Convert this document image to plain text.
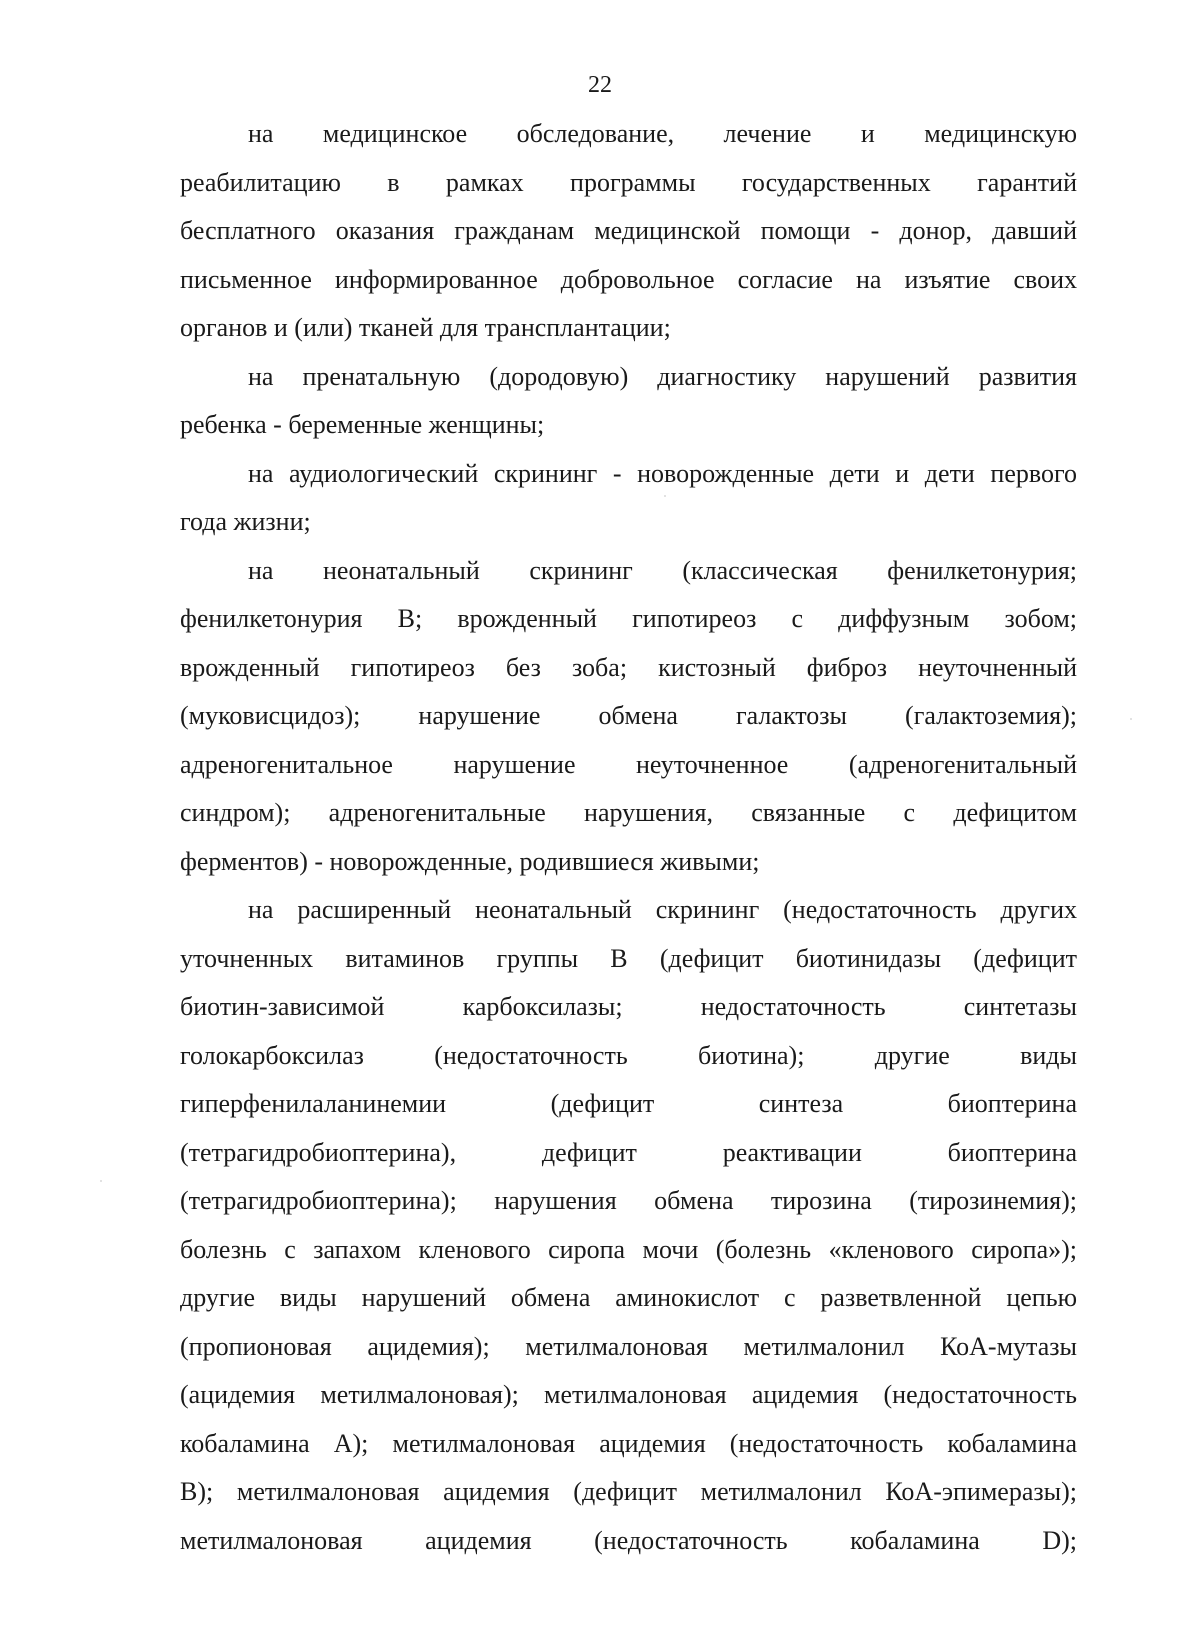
22

на медицинское обследование, лечение и медицинскую
реабилитацию в рамках программы государственных гарантий
бесплатного оказания гражданам медицинской помощи - донор, давший
письменное информированное добровольное согласие на изъятие своих
органов и (или) тканей для трансплантации;

на пренатальную (дородовую) диагностику нарушений развития
ребенка - беременные женщины;

на аудиологический скрининг - новорожденные дети и дети первого
года жизни;

на неонатальный скрининг (классическая фенилкетонурия;
фенилкетонурия В; врожденный гипотиреоз с диффузным зобом;
врожденный гипотиреоз без зоба; кистозный фиброз неуточненный
(муковисцидоз); нарушение обмена галактозы (галактоземия);
адреногенитальное нарушение неуточненное (адреногенитальный
синдром); адреногенитальные нарушения, связанные с дефицитом
ферментов) - новорожденные, родившиеся живыми;

на расширенный неонатальный скрининг (недостаточность других
уточненных витаминов группы В (дефицит биотинидазы (дефицит
биотин-зависимой карбоксилазы; недостаточность синтетазы
голокарбоксилаз (недостаточность биотина); другие виды
гиперфенилаланинемии (дефицит синтеза биоптерина
(тетрагидробиоптерина), дефицит реактивации биоптерина
(тетрагидробиоптерина); нарушения обмена тирозина (тирозинемия);
болезнь с запахом кленового сиропа мочи (болезнь «кленового сиропа»);
другие виды нарушений обмена аминокислот с разветвленной цепью
(пропионовая ацидемия); метилмалоновая метилмалонил КоА-мутазы
(ацидемия метилмалоновая); метилмалоновая ацидемия (недостаточность
кобаламина А); метилмалоновая ацидемия (недостаточность кобаламина
В); метилмалоновая ацидемия (дефицит метилмалонил КоА-эпимеразы);
метилмалоновая ацидемия (недостаточность кобаламина D);
